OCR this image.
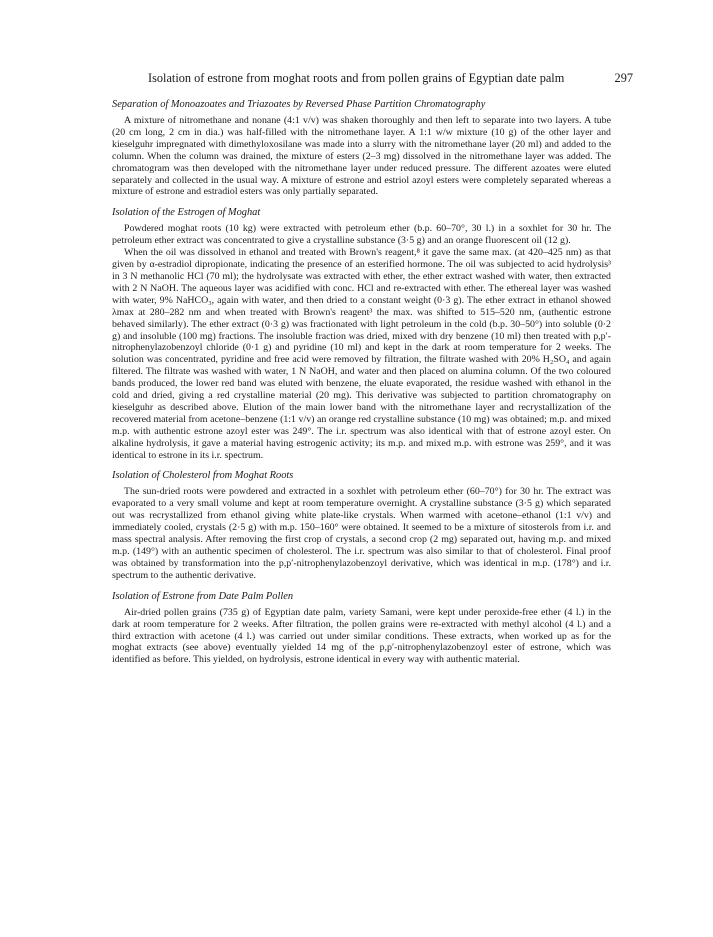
Isolation of estrone from moghat roots and from pollen grains of Egyptian date palm	297

Separation of Monoazoates and Triazoates by Reversed Phase Partition Chromatography

A mixture of nitromethane and nonane (4:1 v/v) was shaken thoroughly and then left to separate into two layers. A tube (20 cm long, 2 cm in dia.) was half-filled with the nitromethane layer. A 1:1 w/w mixture (10 g) of the other layer and kieselguhr impregnated with dimethyloxosilane was made into a slurry with the nitromethane layer (20 ml) and added to the column. When the column was drained, the mixture of esters (2–3 mg) dissolved in the nitromethane layer was added. The chromatogram was then developed with the nitromethane layer under reduced pressure. The different azoates were eluted separately and collected in the usual way. A mixture of estrone and estriol azoyl esters were completely separated whereas a mixture of estrone and estradiol esters was only partially separated.

Isolation of the Estrogen of Moghat

Powdered moghat roots (10 kg) were extracted with petroleum ether (b.p. 60–70°, 30 l.) in a soxhlet for 30 hr. The petroleum ether extract was concentrated to give a crystalline substance (3·5 g) and an orange fluorescent oil (12 g).

When the oil was dissolved in ethanol and treated with Brown's reagent,⁸ it gave the same max. (at 420–425 nm) as that given by α-estradiol dipropionate, indicating the presence of an esterified hormone. The oil was subjected to acid hydrolysis³ in 3 N methanolic HCl (70 ml); the hydrolysate was extracted with ether, the ether extract washed with water, then extracted with 2 N NaOH. The aqueous layer was acidified with conc. HCl and re-extracted with ether. The ethereal layer was washed with water, 9% NaHCO₃, again with water, and then dried to a constant weight (0·3 g). The ether extract in ethanol showed λmax at 280–282 nm and when treated with Brown's reagent³ the max. was shifted to 515–520 nm, (authentic estrone behaved similarly). The ether extract (0·3 g) was fractionated with light petroleum in the cold (b.p. 30–50°) into soluble (0·2 g) and insoluble (100 mg) fractions. The insoluble fraction was dried, mixed with dry benzene (10 ml) then treated with p,p′-nitrophenylazobenzoyl chloride (0·1 g) and pyridine (10 ml) and kept in the dark at room temperature for 2 weeks. The solution was concentrated, pyridine and free acid were removed by filtration, the filtrate washed with 20% H₂SO₄ and again filtered. The filtrate was washed with water, 1 N NaOH, and water and then placed on alumina column. Of the two coloured bands produced, the lower red band was eluted with benzene, the eluate evaporated, the residue washed with ethanol in the cold and dried, giving a red crystalline material (20 mg). This derivative was subjected to partition chromatography on kieselguhr as described above. Elution of the main lower band with the nitromethane layer and recrystallization of the recovered material from acetone–benzene (1:1 v/v) an orange red crystalline substance (10 mg) was obtained; m.p. and mixed m.p. with authentic estrone azoyl ester was 249°. The i.r. spectrum was also identical with that of estrone azoyl ester. On alkaline hydrolysis, it gave a material having estrogenic activity; its m.p. and mixed m.p. with estrone was 259°, and it was identical to estrone in its i.r. spectrum.

Isolation of Cholesterol from Moghat Roots

The sun-dried roots were powdered and extracted in a soxhlet with petroleum ether (60–70°) for 30 hr. The extract was evaporated to a very small volume and kept at room temperature overnight. A crystalline substance (3·5 g) which separated out was recrystallized from ethanol giving white plate-like crystals. When warmed with acetone–ethanol (1:1 v/v) and immediately cooled, crystals (2·5 g) with m.p. 150–160° were obtained. It seemed to be a mixture of sitosterols from i.r. and mass spectral analysis. After removing the first crop of crystals, a second crop (2 mg) separated out, having m.p. and mixed m.p. (149°) with an authentic specimen of cholesterol. The i.r. spectrum was also similar to that of cholesterol. Final proof was obtained by transformation into the p,p′-nitrophenylazobenzoyl derivative, which was identical in m.p. (178°) and i.r. spectrum to the authentic derivative.

Isolation of Estrone from Date Palm Pollen

Air-dried pollen grains (735 g) of Egyptian date palm, variety Samani, were kept under peroxide-free ether (4 l.) in the dark at room temperature for 2 weeks. After filtration, the pollen grains were re-extracted with methyl alcohol (4 l.) and a third extraction with acetone (4 l.) was carried out under similar conditions. These extracts, when worked up as for the moghat extracts (see above) eventually yielded 14 mg of the p,p′-nitrophenylazobenzoyl ester of estrone, which was identified as before. This yielded, on hydrolysis, estrone identical in every way with authentic material.
